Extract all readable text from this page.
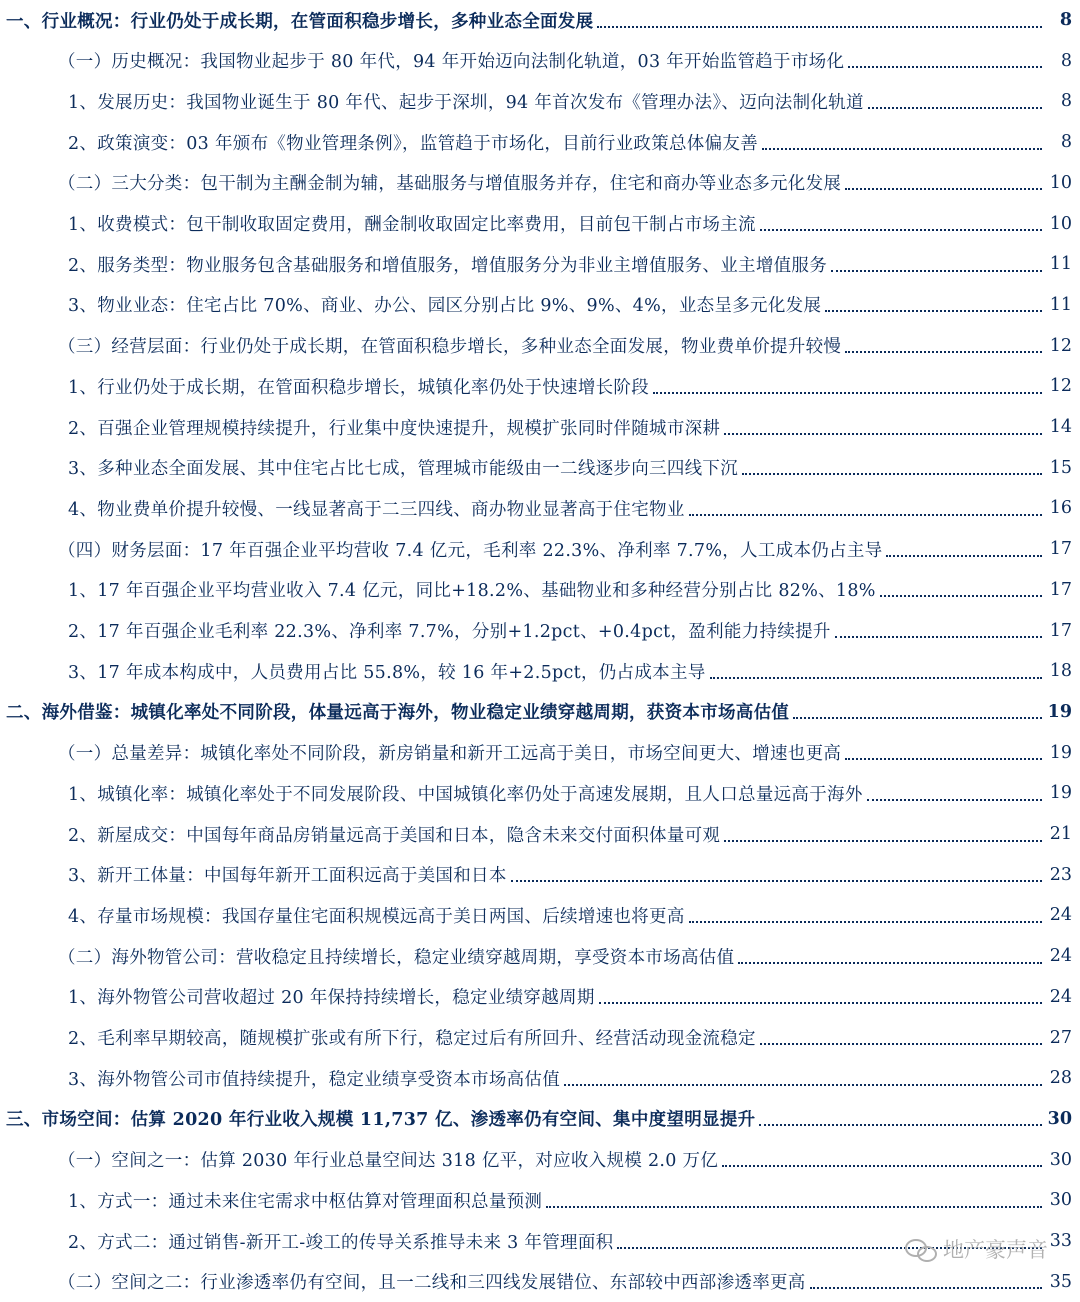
一、行业概况：行业仍处于成长期，在管面积稳步增长，多种业态全面发展	8
（一）历史概况：我国物业起步于 80 年代，94 年开始迈向法制化轨道，03 年开始监管趋于市场化	8
1、发展历史：我国物业诞生于 80 年代、起步于深圳，94 年首次发布《管理办法》、迈向法制化轨道	8
2、政策演变：03 年颁布《物业管理条例》，监管趋于市场化，目前行业政策总体偏友善	8
（二）三大分类：包干制为主酬金制为辅，基础服务与增值服务并存，住宅和商办等业态多元化发展	10
1、收费模式：包干制收取固定费用，酬金制收取固定比率费用，目前包干制占市场主流	10
2、服务类型：物业服务包含基础服务和增值服务，增值服务分为非业主增值服务、业主增值服务	11
3、物业业态：住宅占比 70%、商业、办公、园区分别占比 9%、9%、4%，业态呈多元化发展	11
（三）经营层面：行业仍处于成长期，在管面积稳步增长，多种业态全面发展，物业费单价提升较慢	12
1、行业仍处于成长期，在管面积稳步增长，城镇化率仍处于快速增长阶段	12
2、百强企业管理规模持续提升，行业集中度快速提升，规模扩张同时伴随城市深耕	14
3、多种业态全面发展、其中住宅占比七成，管理城市能级由一二线逐步向三四线下沉	15
4、物业费单价提升较慢、一线显著高于二三四线、商办物业显著高于住宅物业	16
（四）财务层面：17 年百强企业平均营收 7.4 亿元，毛利率 22.3%、净利率 7.7%，人工成本仍占主导	17
1、17 年百强企业平均营业收入 7.4 亿元，同比+18.2%、基础物业和多种经营分别占比 82%、18%	17
2、17 年百强企业毛利率 22.3%、净利率 7.7%，分别+1.2pct、+0.4pct，盈利能力持续提升	17
3、17 年成本构成中，人员费用占比 55.8%，较 16 年+2.5pct，仍占成本主导	18
二、海外借鉴：城镇化率处不同阶段，体量远高于海外，物业稳定业绩穿越周期，获资本市场高估值	19
（一）总量差异：城镇化率处不同阶段，新房销量和新开工远高于美日，市场空间更大、增速也更高	19
1、城镇化率：城镇化率处于不同发展阶段、中国城镇化率仍处于高速发展期，且人口总量远高于海外	19
2、新屋成交：中国每年商品房销量远高于美国和日本，隐含未来交付面积体量可观	21
3、新开工体量：中国每年新开工面积远高于美国和日本	23
4、存量市场规模：我国存量住宅面积规模远高于美日两国、后续增速也将更高	24
（二）海外物管公司：营收稳定且持续增长，稳定业绩穿越周期，享受资本市场高估值	24
1、海外物管公司营收超过 20 年保持持续增长，稳定业绩穿越周期	24
2、毛利率早期较高，随规模扩张或有所下行，稳定过后有所回升、经营活动现金流稳定	27
3、海外物管公司市值持续提升，稳定业绩享受资本市场高估值	28
三、市场空间：估算 2020 年行业收入规模 11,737 亿、渗透率仍有空间、集中度望明显提升	30
（一）空间之一：估算 2030 年行业总量空间达 318 亿平，对应收入规模 2.0 万亿	30
1、方式一：通过未来住宅需求中枢估算对管理面积总量预测	30
2、方式二：通过销售-新开工-竣工的传导关系推导未来 3 年管理面积	33
（二）空间之二：行业渗透率仍有空间，且一二线和三四线发展错位、东部较中西部渗透率更高	35
地产豪声音
